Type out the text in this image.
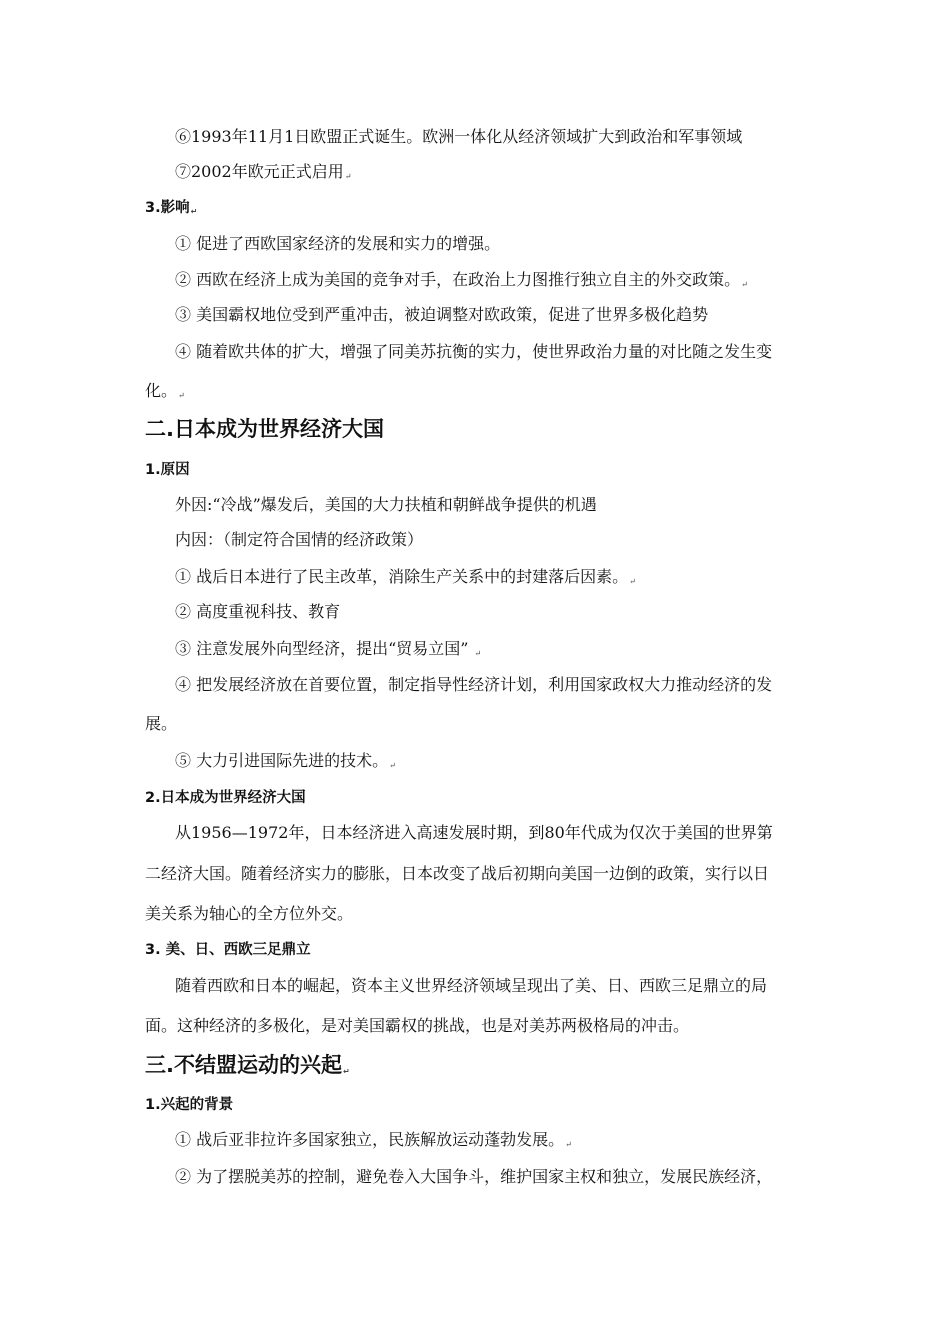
⑥1993年11月1日欧盟正式诞生。欧洲一体化从经济领域扩大到政治和军事领域
⑦2002年欧元正式启用↵
3.影响↵
① 促进了西欧国家经济的发展和实力的增强。
② 西欧在经济上成为美国的竞争对手，在政治上力图推行独立自主的外交政策。↵
③ 美国霸权地位受到严重冲击，被迫调整对欧政策，促进了世界多极化趋势
④ 随着欧共体的扩大，增强了同美苏抗衡的实力，使世界政治力量的对比随之发生变
化。↵
二.日本成为世界经济大国
1.原因
外因:“冷战”爆发后，美国的大力扶植和朝鲜战争提供的机遇
内因：（制定符合国情的经济政策）
① 战后日本进行了民主改革，消除生产关系中的封建落后因素。↵
② 高度重视科技、教育
③ 注意发展外向型经济，提出“贸易立国” ↵
④ 把发展经济放在首要位置，制定指导性经济计划，利用国家政权大力推动经济的发
展。
⑤ 大力引进国际先进的技术。↵
2.日本成为世界经济大国
从1956—1972年，日本经济进入高速发展时期，到80年代成为仅次于美国的世界第
二经济大国。随着经济实力的膨胀，日本改变了战后初期向美国一边倒的政策，实行以日
美关系为轴心的全方位外交。
3. 美、日、西欧三足鼎立
随着西欧和日本的崛起，资本主义世界经济领域呈现出了美、日、西欧三足鼎立的局
面。这种经济的多极化，是对美国霸权的挑战，也是对美苏两极格局的冲击。
三.不结盟运动的兴起↵
1.兴起的背景
① 战后亚非拉许多国家独立，民族解放运动蓬勃发展。↵
② 为了摆脱美苏的控制，避免卷入大国争斗，维护国家主权和独立，发展民族经济，
